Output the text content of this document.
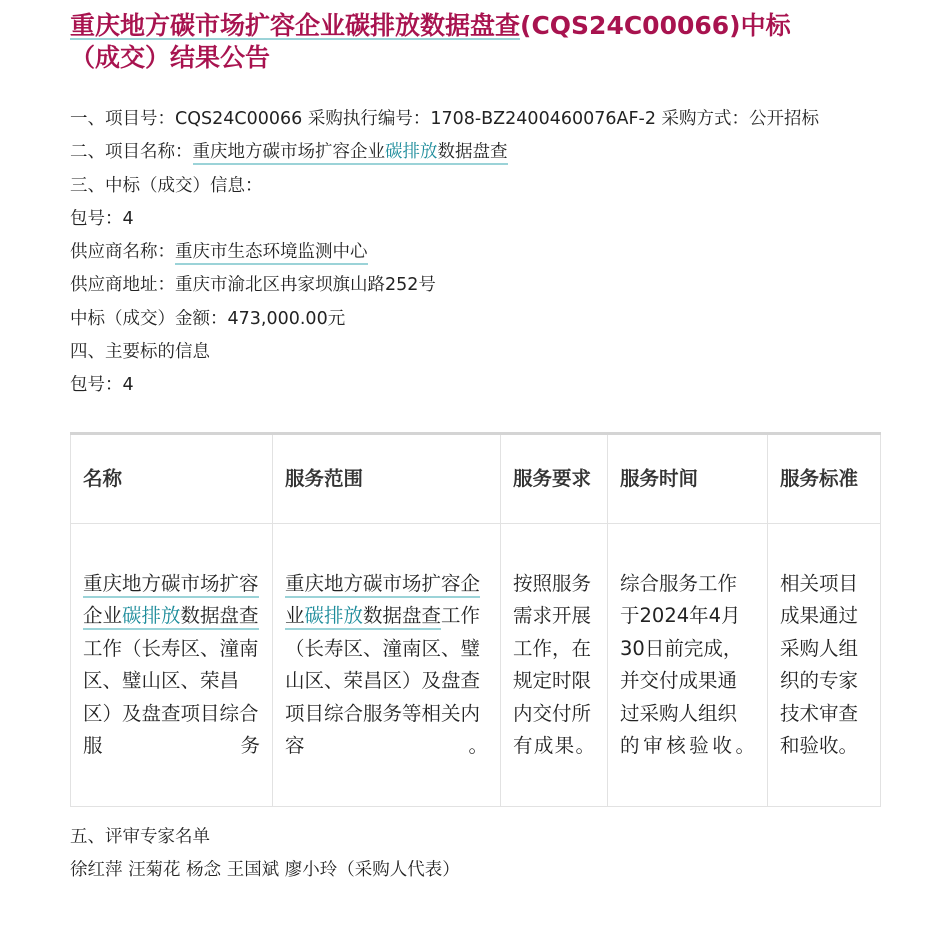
重庆地方碳市场扩容企业碳排放数据盘查(CQS24C00066)中标
（成交）结果公告
一、项目号：CQS24C00066 采购执行编号：1708-BZ2400460076AF-2 采购方式：公开招标
二、项目名称：重庆地方碳市场扩容企业碳排放数据盘查
三、中标（成交）信息：
包号：4
供应商名称：重庆市生态环境监测中心
供应商地址：重庆市渝北区冉家坝旗山路252号
中标（成交）金额：473,000.00元
四、主要标的信息
包号：4
名称	服务范围	服务要求	服务时间	服务标准
重庆地方碳市场扩容企业碳排放数据盘查工作（长寿区、潼南区、璧山区、荣昌区）及盘查项目综合服务	重庆地方碳市场扩容企业碳排放数据盘查工作（长寿区、潼南区、璧山区、荣昌区）及盘查项目综合服务等相关内容。	按照服务需求开展工作，在规定时限内交付所有成果。	综合服务工作于2024年4月30日前完成，并交付成果通过采购人组织的审核验收。	相关项目成果通过采购人组织的专家技术审查和验收。
五、评审专家名单
徐红萍 汪菊花 杨念 王国斌 廖小玲（采购人代表）
